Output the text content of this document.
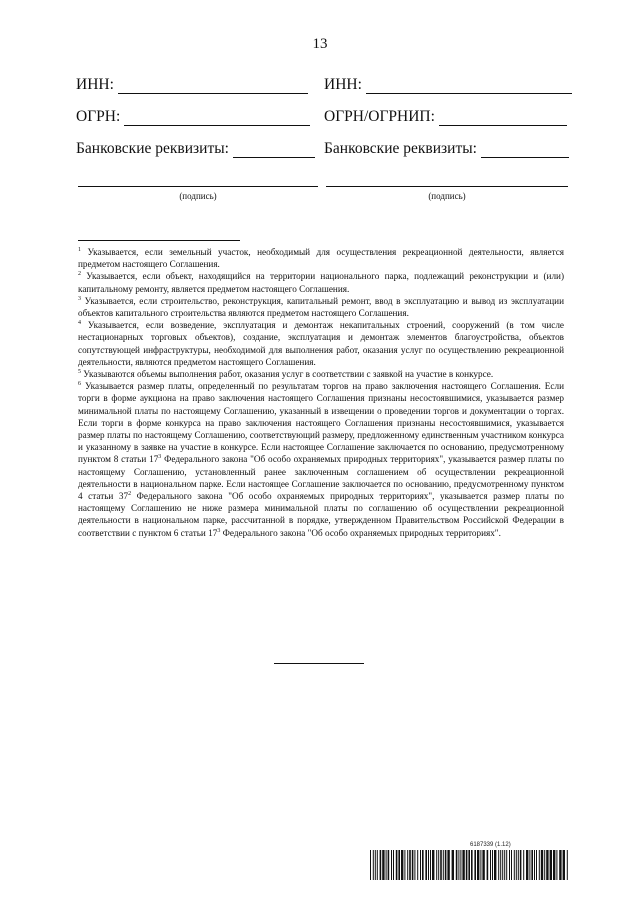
13
ИНН:	ИНН:
ОГРН:	ОГРН/ОГРНИП:
Банковские реквизиты:	Банковские реквизиты:
(подпись)	(подпись)

$^1$ Указывается, если земельный участок, необходимый для осуществления рекреационной деятельности, является предметом настоящего Соглашения.

$^2$ Указывается, если объект, находящийся на территории национального парка, подлежащий реконструкции и (или) капитальному ремонту, является предметом настоящего Соглашения.

$^3$ Указывается, если строительство, реконструкция, капитальный ремонт, ввод в эксплуатацию и вывод из эксплуатации объектов капитального строительства являются предметом настоящего Соглашения.

$^4$ Указывается, если возведение, эксплуатация и демонтаж некапитальных строений, сооружений (в том числе нестационарных торговых объектов), создание, эксплуатация и демонтаж элементов благоустройства, объектов сопутствующей инфраструктуры, необходимой для выполнения работ, оказания услуг по осуществлению рекреационной деятельности, являются предметом настоящего Соглашения.

$^5$ Указываются объемы выполнения работ, оказания услуг в соответствии с заявкой на участие в конкурсе.

$^6$ Указывается размер платы, определенный по результатам торгов на право заключения настоящего Соглашения. Если торги в форме аукциона на право заключения настоящего Соглашения признаны несостоявшимися, указывается размер минимальной платы по настоящему Соглашению, указанный в извещении о проведении торгов и документации о торгах. Если торги в форме конкурса на право заключения настоящего Соглашения признаны несостоявшимися, указывается размер платы по настоящему Соглашению, соответствующий размеру, предложенному единственным участником конкурса и указанному в заявке на участие в конкурсе. Если настоящее Соглашение заключается по основанию, предусмотренному пунктом 8 статьи $17^3$ Федерального закона "Об особо охраняемых природных территориях", указывается размер платы по настоящему Соглашению, установленный ранее заключенным соглашением об осуществлении рекреационной деятельности в национальном парке. Если настоящее Соглашение заключается по основанию, предусмотренному пунктом 4 статьи $37^2$ Федерального закона "Об особо охраняемых природных территориях", указывается размер платы по настоящему Соглашению не ниже размера минимальной платы по соглашению об осуществлении рекреационной деятельности в национальном парке, рассчитанной в порядке, утвержденном Правительством Российской Федерации в соответствии с пунктом 6 статьи $17^3$ Федерального закона "Об особо охраняемых природных территориях".

6187339 (1.12)
